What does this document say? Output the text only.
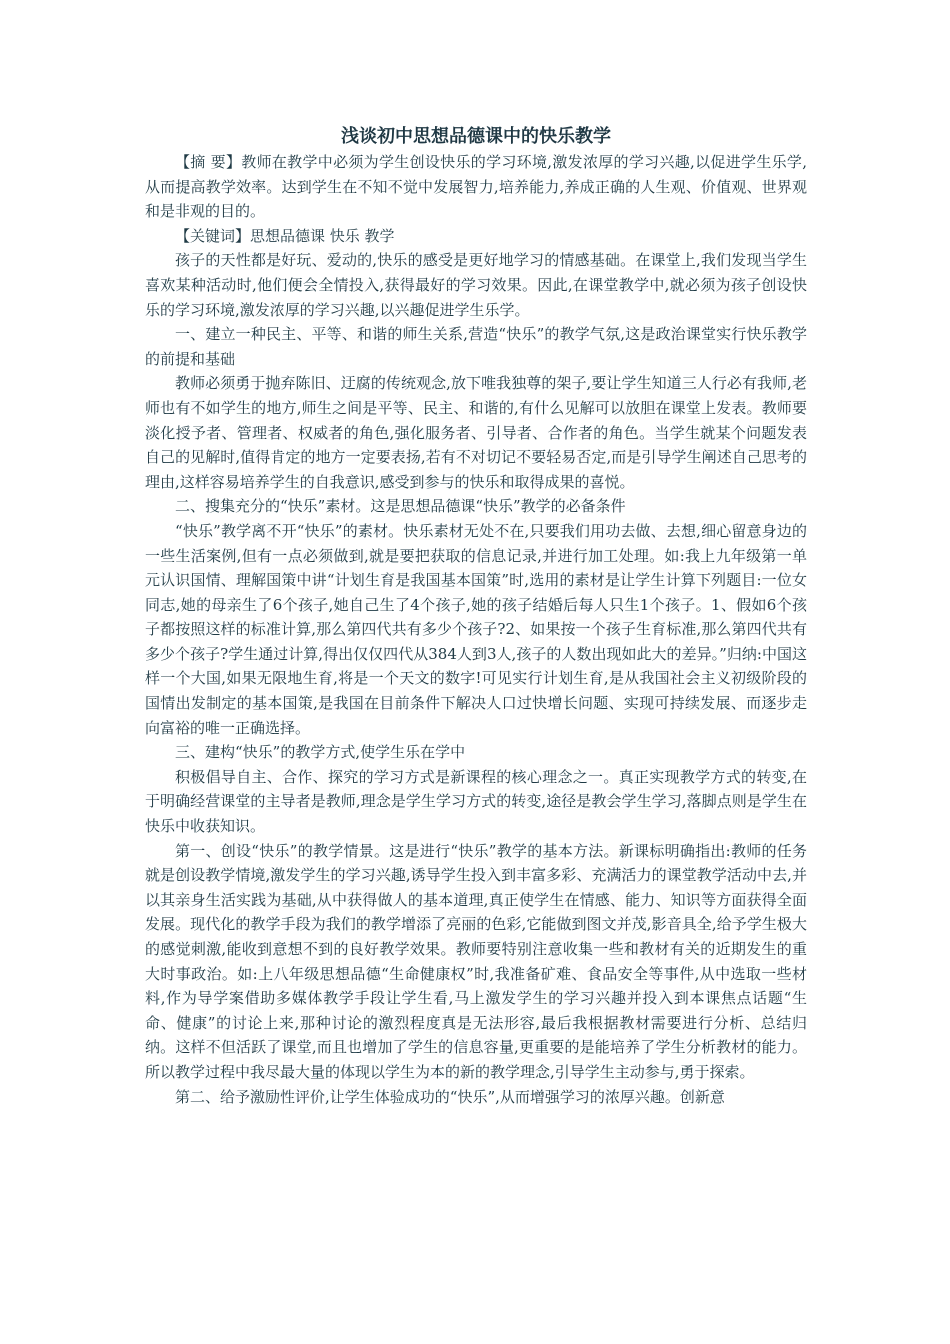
浅谈初中思想品德课中的快乐教学

【摘 要】教师在教学中必须为学生创设快乐的学习环境,激发浓厚的学习兴趣,以促进学生乐学,从而提高教学效率。达到学生在不知不觉中发展智力,培养能力,养成正确的人生观、价值观、世界观和是非观的目的。

【关键词】思想品德课 快乐 教学

孩子的天性都是好玩、爱动的,快乐的感受是更好地学习的情感基础。在课堂上,我们发现当学生喜欢某种活动时,他们便会全情投入,获得最好的学习效果。因此,在课堂教学中,就必须为孩子创设快乐的学习环境,激发浓厚的学习兴趣,以兴趣促进学生乐学。

一、建立一种民主、平等、和谐的师生关系,营造“快乐”的教学气氛,这是政治课堂实行快乐教学的前提和基础

教师必须勇于抛弃陈旧、迂腐的传统观念,放下唯我独尊的架子,要让学生知道三人行必有我师,老师也有不如学生的地方,师生之间是平等、民主、和谐的,有什么见解可以放胆在课堂上发表。教师要淡化授予者、管理者、权威者的角色,强化服务者、引导者、合作者的角色。当学生就某个问题发表自己的见解时,值得肯定的地方一定要表扬,若有不对切记不要轻易否定,而是引导学生阐述自己思考的理由,这样容易培养学生的自我意识,感受到参与的快乐和取得成果的喜悦。

二、搜集充分的“快乐”素材。这是思想品德课“快乐”教学的必备条件

“快乐”教学离不开“快乐”的素材。快乐素材无处不在,只要我们用功去做、去想,细心留意身边的一些生活案例,但有一点必须做到,就是要把获取的信息记录,并进行加工处理。如:我上九年级第一单元认识国情、理解国策中讲“计划生育是我国基本国策”时,选用的素材是让学生计算下列题目:一位女同志,她的母亲生了6个孩子,她自己生了4个孩子,她的孩子结婚后每人只生1个孩子。1、假如6个孩子都按照这样的标准计算,那么第四代共有多少个孩子?2、如果按一个孩子生育标准,那么第四代共有多少个孩子?学生通过计算,得出仅仅四代从384人到3人,孩子的人数出现如此大的差异。”归纳:中国这样一个大国,如果无限地生育,将是一个天文的数字!可见实行计划生育,是从我国社会主义初级阶段的国情出发制定的基本国策,是我国在目前条件下解决人口过快增长问题、实现可持续发展、而逐步走向富裕的唯一正确选择。

三、建构“快乐”的教学方式,使学生乐在学中

积极倡导自主、合作、探究的学习方式是新课程的核心理念之一。真正实现教学方式的转变,在于明确经营课堂的主导者是教师,理念是学生学习方式的转变,途径是教会学生学习,落脚点则是学生在快乐中收获知识。

第一、创设“快乐”的教学情景。这是进行“快乐”教学的基本方法。新课标明确指出:教师的任务就是创设教学情境,激发学生的学习兴趣,诱导学生投入到丰富多彩、充满活力的课堂教学活动中去,并以其亲身生活实践为基础,从中获得做人的基本道理,真正使学生在情感、能力、知识等方面获得全面发展。现代化的教学手段为我们的教学增添了亮丽的色彩,它能做到图文并茂,影音具全,给予学生极大的感觉刺激,能收到意想不到的良好教学效果。教师要特别注意收集一些和教材有关的近期发生的重大时事政治。如:上八年级思想品德“生命健康权”时,我准备矿难、食品安全等事件,从中选取一些材料,作为导学案借助多媒体教学手段让学生看,马上激发学生的学习兴趣并投入到本课焦点话题“生命、健康”的讨论上来,那种讨论的激烈程度真是无法形容,最后我根据教材需要进行分析、总结归纳。这样不但活跃了课堂,而且也增加了学生的信息容量,更重要的是能培养了学生分析教材的能力。所以教学过程中我尽最大量的体现以学生为本的新的教学理念,引导学生主动参与,勇于探索。

第二、给予激励性评价,让学生体验成功的“快乐”,从而增强学习的浓厚兴趣。创新意
